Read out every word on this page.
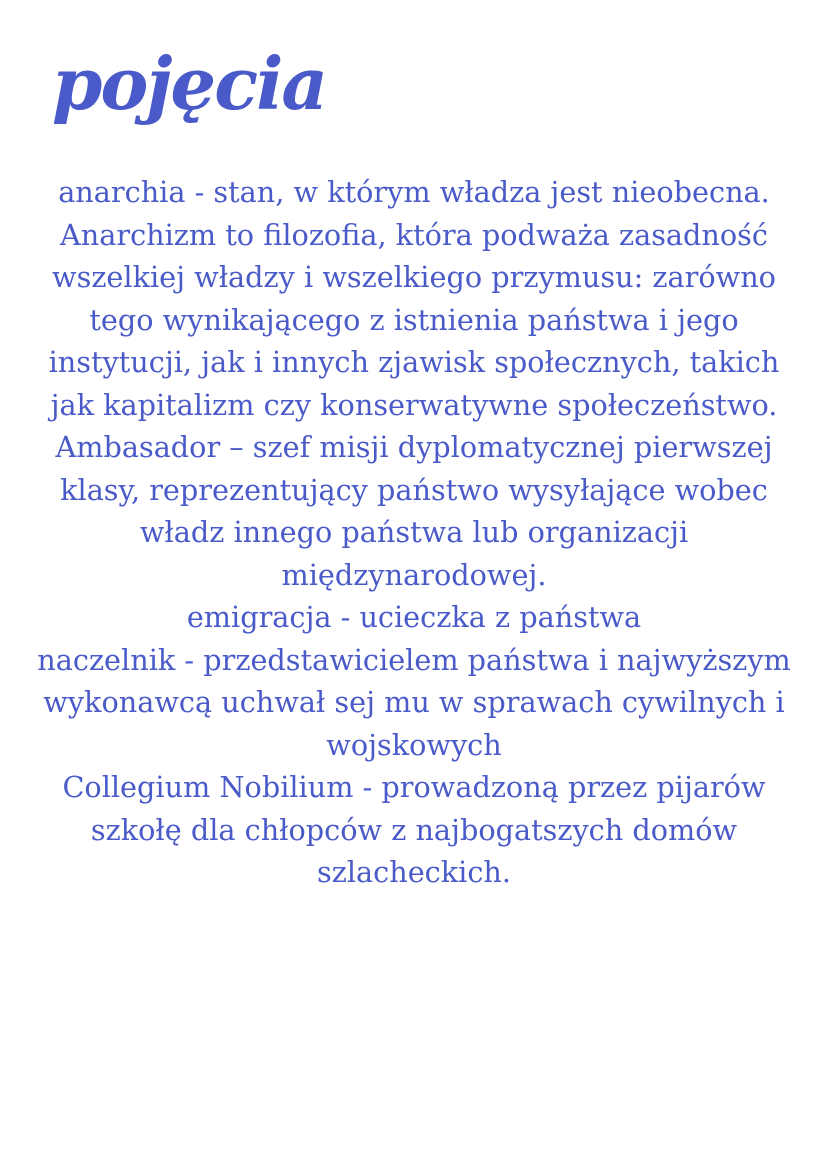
pojęcia
anarchia - stan, w którym władza jest nieobecna.
Anarchizm to filozofia, która podważa zasadność
wszelkiej władzy i wszelkiego przymusu: zarówno
tego wynikającego z istnienia państwa i jego
instytucji, jak i innych zjawisk społecznych, takich
jak kapitalizm czy konserwatywne społeczeństwo.
Ambasador – szef misji dyplomatycznej pierwszej
klasy, reprezentujący państwo wysyłające wobec
władz innego państwa lub organizacji
międzynarodowej.
emigracja - ucieczka z państwa
naczelnik - przedstawicielem państwa i najwyższym
wykonawcą uchwał sej mu w sprawach cywilnych i
wojskowych
Collegium Nobilium - prowadzoną przez pijarów
szkołę dla chłopców z najbogatszych domów
szlacheckich.
